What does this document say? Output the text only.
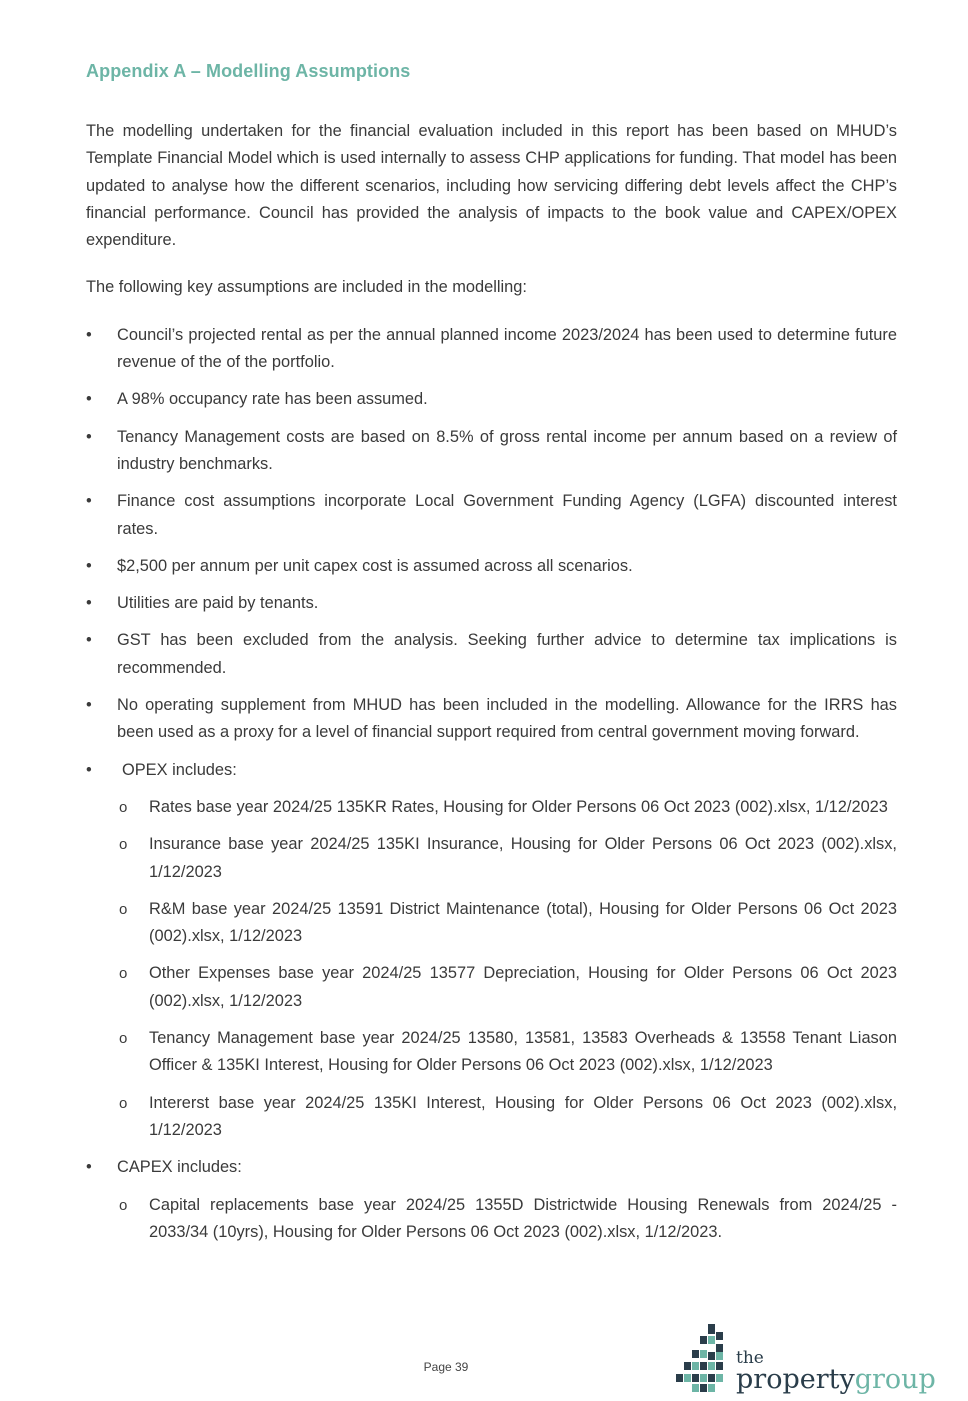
Appendix A – Modelling Assumptions

The modelling undertaken for the financial evaluation included in this report has been based on MHUD’s Template Financial Model which is used internally to assess CHP applications for funding. That model has been updated to analyse how the different scenarios, including how servicing differing debt levels affect the CHP’s financial performance. Council has provided the analysis of impacts to the book value and CAPEX/OPEX expenditure.

The following key assumptions are included in the modelling:

• Council’s projected rental as per the annual planned income 2023/2024 has been used to determine future revenue of the of the portfolio.
• A 98% occupancy rate has been assumed.
• Tenancy Management costs are based on 8.5% of gross rental income per annum based on a review of industry benchmarks.
• Finance cost assumptions incorporate Local Government Funding Agency (LGFA) discounted interest rates.
• $2,500 per annum per unit capex cost is assumed across all scenarios.
• Utilities are paid by tenants.
• GST has been excluded from the analysis. Seeking further advice to determine tax implications is recommended.
• No operating supplement from MHUD has been included in the modelling. Allowance for the IRRS has been used as a proxy for a level of financial support required from central government moving forward.
• OPEX includes:
o Rates base year 2024/25 135KR Rates, Housing for Older Persons 06 Oct 2023 (002).xlsx, 1/12/2023
o Insurance base year 2024/25 135KI Insurance, Housing for Older Persons 06 Oct 2023 (002).xlsx, 1/12/2023
o R&M base year 2024/25 13591 District Maintenance (total), Housing for Older Persons 06 Oct 2023 (002).xlsx, 1/12/2023
o Other Expenses base year 2024/25 13577 Depreciation, Housing for Older Persons 06 Oct 2023 (002).xlsx, 1/12/2023
o Tenancy Management base year 2024/25 13580, 13581, 13583 Overheads & 13558 Tenant Liason Officer & 135KI Interest, Housing for Older Persons 06 Oct 2023 (002).xlsx, 1/12/2023
o Intererst base year 2024/25 135KI Interest, Housing for Older Persons 06 Oct 2023 (002).xlsx, 1/12/2023
• CAPEX includes:
o Capital replacements base year 2024/25 1355D Districtwide Housing Renewals from 2024/25 - 2033/34 (10yrs), Housing for Older Persons 06 Oct 2023 (002).xlsx, 1/12/2023.
Page 39	the
propertygroup
